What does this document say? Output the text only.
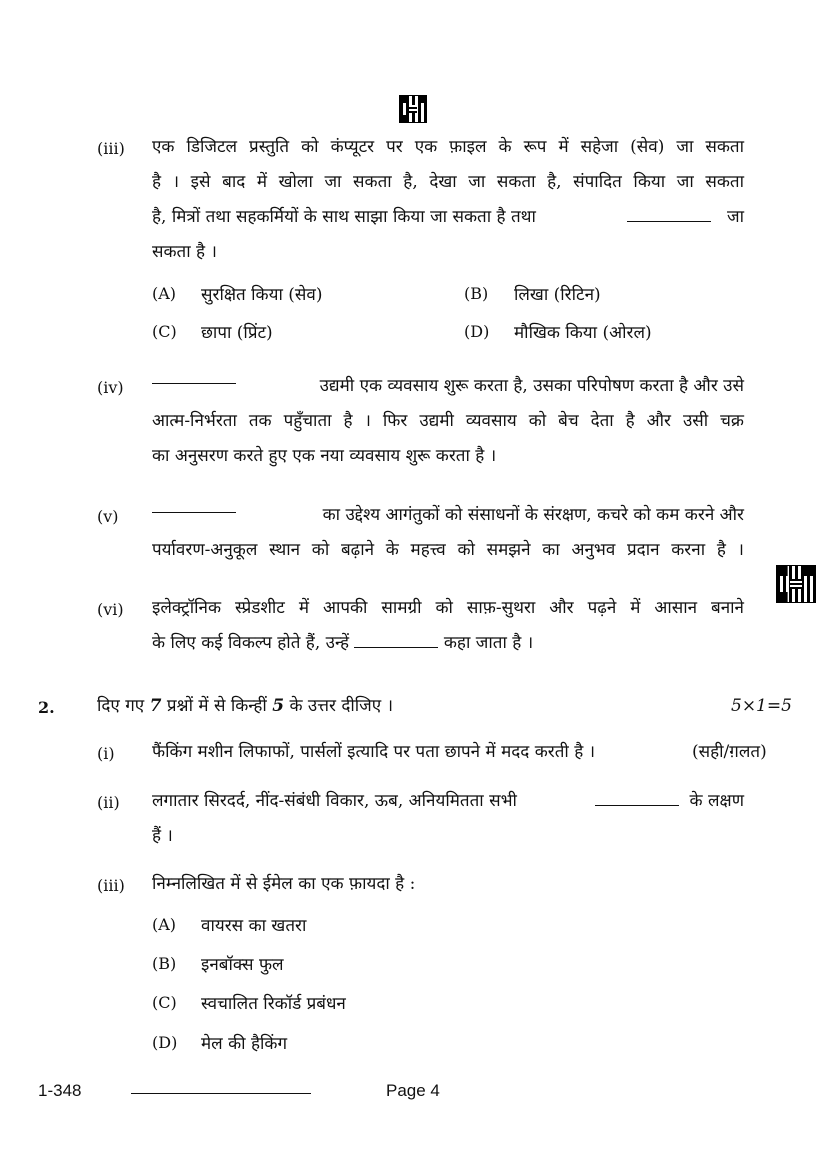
(iii) एक डिजिटल प्रस्तुति को कंप्यूटर पर एक फ़ाइल के रूप में सहेजा (सेव) जा सकता
है । इसे बाद में खोला जा सकता है, देखा जा सकता है, संपादित किया जा सकता
है, मित्रों तथा सहकर्मियों के साथ साझा किया जा सकता है तथा	जा
सकता है ।
(A) सुरक्षित किया (सेव)	(B) लिखा (रिटिन)
(C) छापा (प्रिंट)	(D) मौखिक किया (ओरल)
(iv)	उद्यमी एक व्यवसाय शुरू करता है, उसका परिपोषण करता है और उसे
आत्म-निर्भरता तक पहुँचाता है । फिर उद्यमी व्यवसाय को बेच देता है और उसी चक्र
का अनुसरण करते हुए एक नया व्यवसाय शुरू करता है ।
(v)	का उद्देश्य आगंतुकों को संसाधनों के संरक्षण, कचरे को कम करने और
पर्यावरण-अनुकूल स्थान को बढ़ाने के महत्त्व को समझने का अनुभव प्रदान करना है ।
(vi) इलेक्ट्रॉनिक स्प्रेडशीट में आपकी सामग्री को साफ़-सुथरा और पढ़ने में आसान बनाने
के लिए कई विकल्प होते हैं, उन्हें	कहा जाता है ।
2. दिए गए 7 प्रश्नों में से किन्हीं 5 के उत्तर दीजिए ।	5×1=5
(i) फैंकिंग मशीन लिफाफों, पार्सलों इत्यादि पर पता छापने में मदद करती है ।	(सही/ग़लत)
(ii) लगातार सिरदर्द, नींद-संबंधी विकार, ऊब, अनियमितता सभी	के लक्षण
हैं ।
(iii) निम्नलिखित में से ईमेल का एक फ़ायदा है :
(A) वायरस का खतरा
(B) इनबॉक्स फुल
(C) स्वचालित रिकॉर्ड प्रबंधन
(D) मेल की हैकिंग
1-348	Page 4
